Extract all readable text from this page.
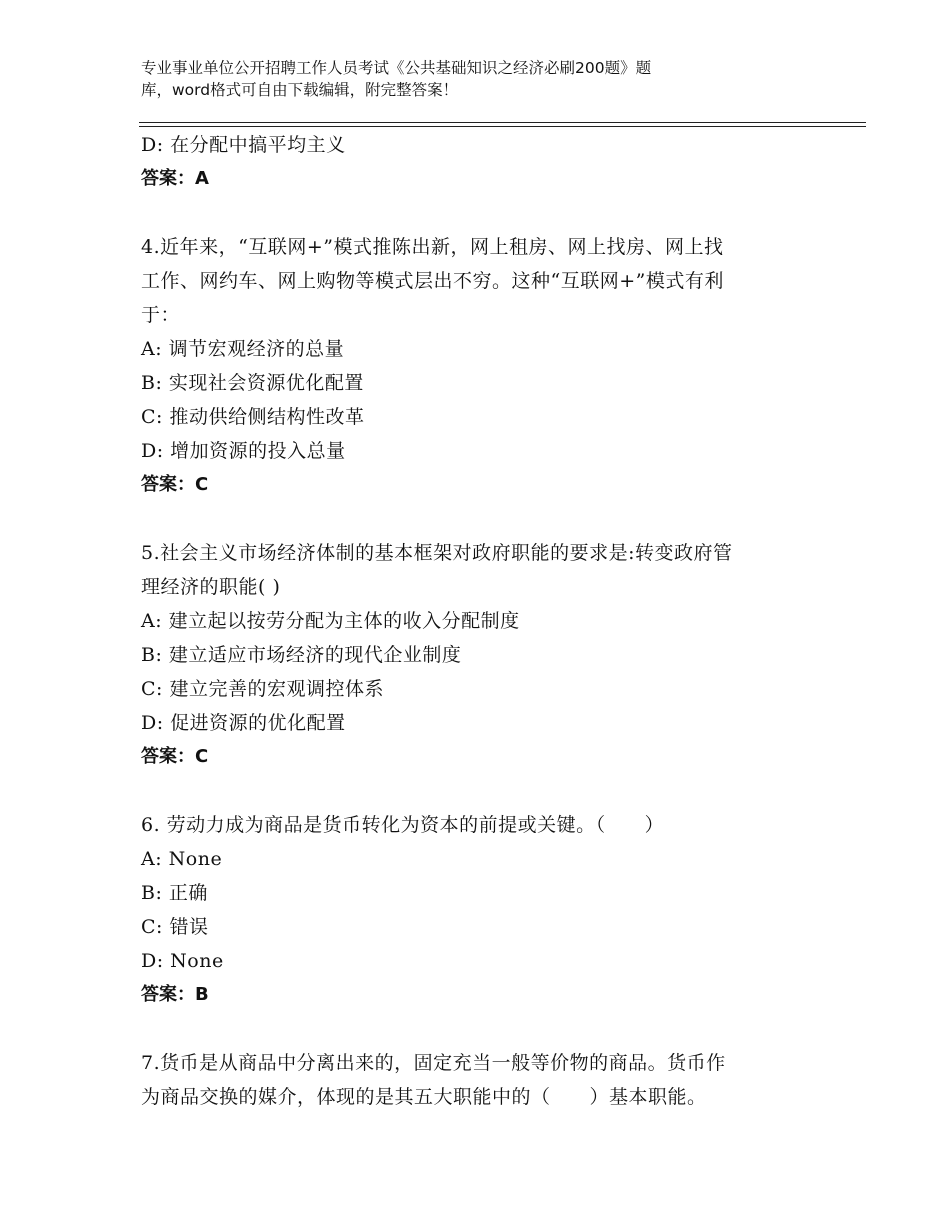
专业事业单位公开招聘工作人员考试《公共基础知识之经济必刷200题》题
库，word格式可自由下载编辑，附完整答案！
D: 在分配中搞平均主义
答案：A
4.近年来，“互联网+”模式推陈出新，网上租房、网上找房、网上找
工作、网约车、网上购物等模式层出不穷。这种“互联网+”模式有利
于：
A: 调节宏观经济的总量
B: 实现社会资源优化配置
C: 推动供给侧结构性改革
D: 增加资源的投入总量
答案：C
5.社会主义市场经济体制的基本框架对政府职能的要求是:转变政府管
理经济的职能( )
A: 建立起以按劳分配为主体的收入分配制度
B: 建立适应市场经济的现代企业制度
C: 建立完善的宏观调控体系
D: 促进资源的优化配置
答案：C
6. 劳动力成为商品是货币转化为资本的前提或关键。（　　）
A: None
B: 正确
C: 错误
D: None
答案：B
7.货币是从商品中分离出来的，固定充当一般等价物的商品。货币作
为商品交换的媒介，体现的是其五大职能中的（　　）基本职能。
